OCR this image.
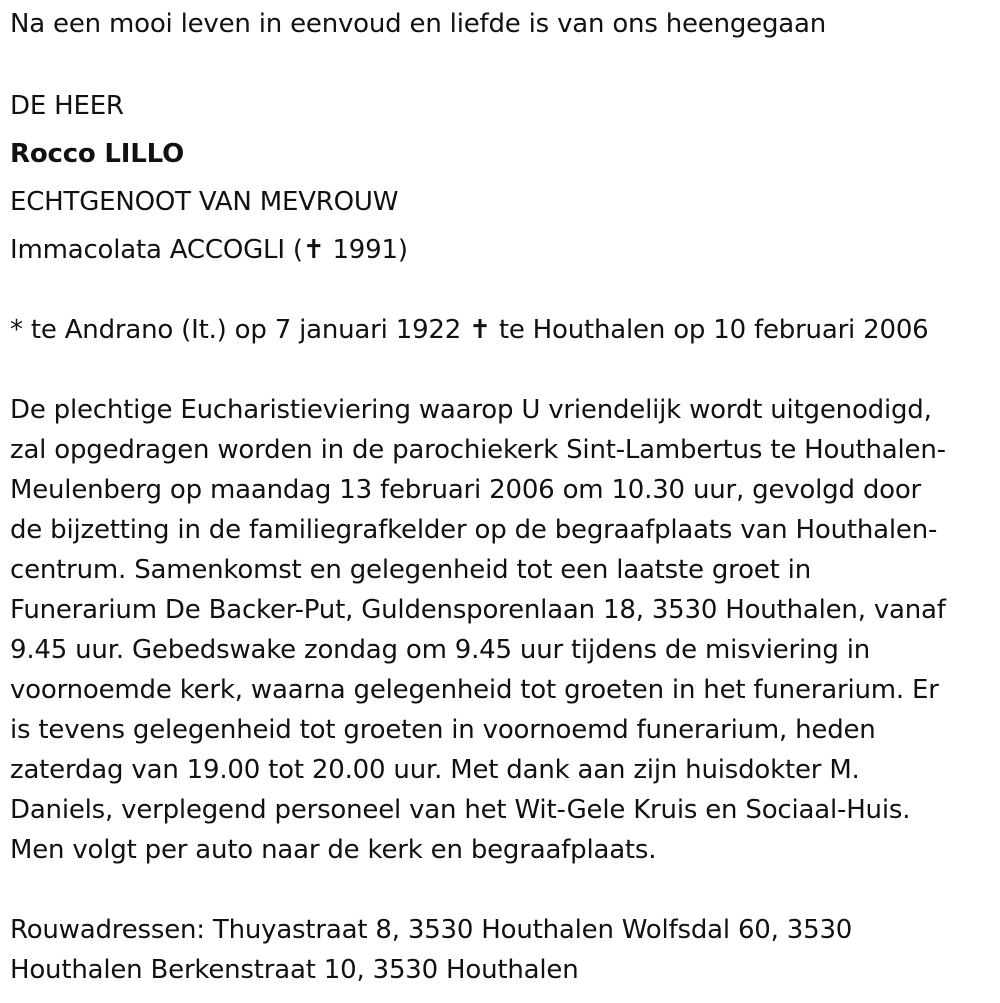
Na een mooi leven in eenvoud en liefde is van ons heengegaan
DE HEER
Rocco LILLO
ECHTGENOOT VAN MEVROUW
Immacolata ACCOGLI (✝ 1991)
* te Andrano (It.) op 7 januari 1922 ✝ te Houthalen op 10 februari 2006
De plechtige Eucharistieviering waarop U vriendelijk wordt uitgenodigd,
zal opgedragen worden in de parochiekerk Sint-Lambertus te Houthalen-
Meulenberg op maandag 13 februari 2006 om 10.30 uur, gevolgd door
de bijzetting in de familiegrafkelder op de begraafplaats van Houthalen-
centrum. Samenkomst en gelegenheid tot een laatste groet in
Funerarium De Backer-Put, Guldensporenlaan 18, 3530 Houthalen, vanaf
9.45 uur. Gebedswake zondag om 9.45 uur tijdens de misviering in
voornoemde kerk, waarna gelegenheid tot groeten in het funerarium. Er
is tevens gelegenheid tot groeten in voornoemd funerarium, heden
zaterdag van 19.00 tot 20.00 uur. Met dank aan zijn huisdokter M.
Daniels, verplegend personeel van het Wit-Gele Kruis en Sociaal-Huis.
Men volgt per auto naar de kerk en begraafplaats.
Rouwadressen: Thuyastraat 8, 3530 Houthalen Wolfsdal 60, 3530
Houthalen Berkenstraat 10, 3530 Houthalen
